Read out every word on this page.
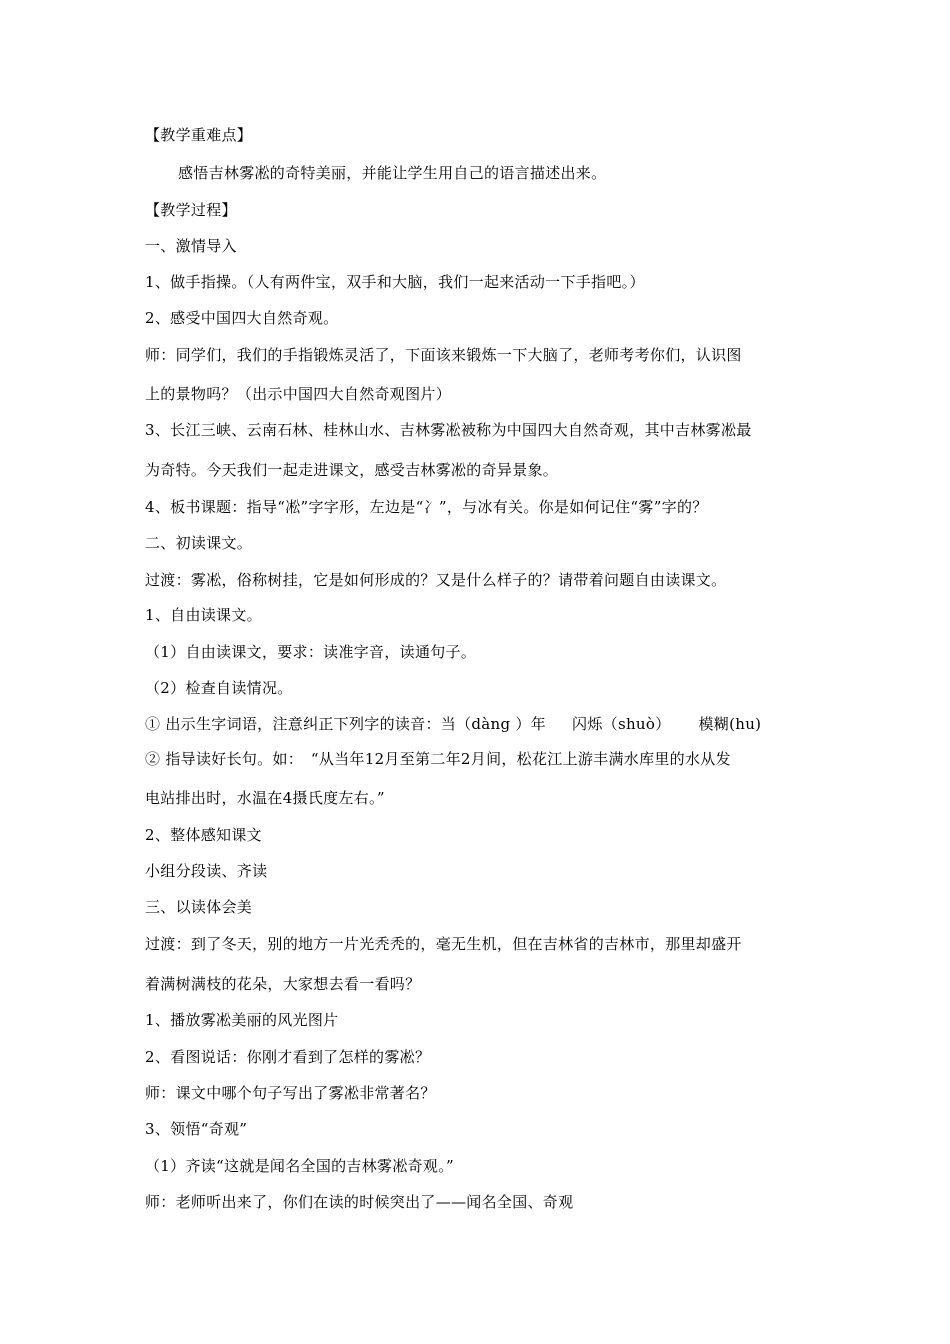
【教学重难点】
感悟吉林雾凇的奇特美丽，并能让学生用自己的语言描述出来。
【教学过程】
一、激情导入
1、做手指操。（人有两件宝，双手和大脑，我们一起来活动一下手指吧。）
2、感受中国四大自然奇观。
师：同学们，我们的手指锻炼灵活了，下面该来锻炼一下大脑了，老师考考你们，认识图
上的景物吗？（出示中国四大自然奇观图片）
3、长江三峡、云南石林、桂林山水、吉林雾凇被称为中国四大自然奇观，其中吉林雾凇最
为奇特。今天我们一起走进课文，感受吉林雾凇的奇异景象。
4、板书课题：指导“凇”字字形，左边是“冫”，与冰有关。你是如何记住“雾”字的？
二、初读课文。
过渡：雾凇，俗称树挂，它是如何形成的？又是什么样子的？请带着问题自由读课文。
1、自由读课文。
（1）自由读课文，要求：读准字音，读通句子。
（2）检查自读情况。
① 出示生字词语，注意纠正下列字的读音：当（dàng ）年 闪烁（shuò） 模糊(hu)
② 指导读好长句。如：　“从当年12月至第二年2月间，松花江上游丰满水库里的水从发
电站排出时，水温在4摄氏度左右。”
2、整体感知课文
小组分段读、齐读
三、以读体会美
过渡：到了冬天，别的地方一片光秃秃的，毫无生机，但在吉林省的吉林市，那里却盛开
着满树满枝的花朵，大家想去看一看吗？
1、播放雾凇美丽的风光图片
2、看图说话：你刚才看到了怎样的雾凇？
师：课文中哪个句子写出了雾凇非常著名？
3、领悟“奇观”
（1）齐读“这就是闻名全国的吉林雾凇奇观。”
师：老师听出来了，你们在读的时候突出了——闻名全国、奇观
